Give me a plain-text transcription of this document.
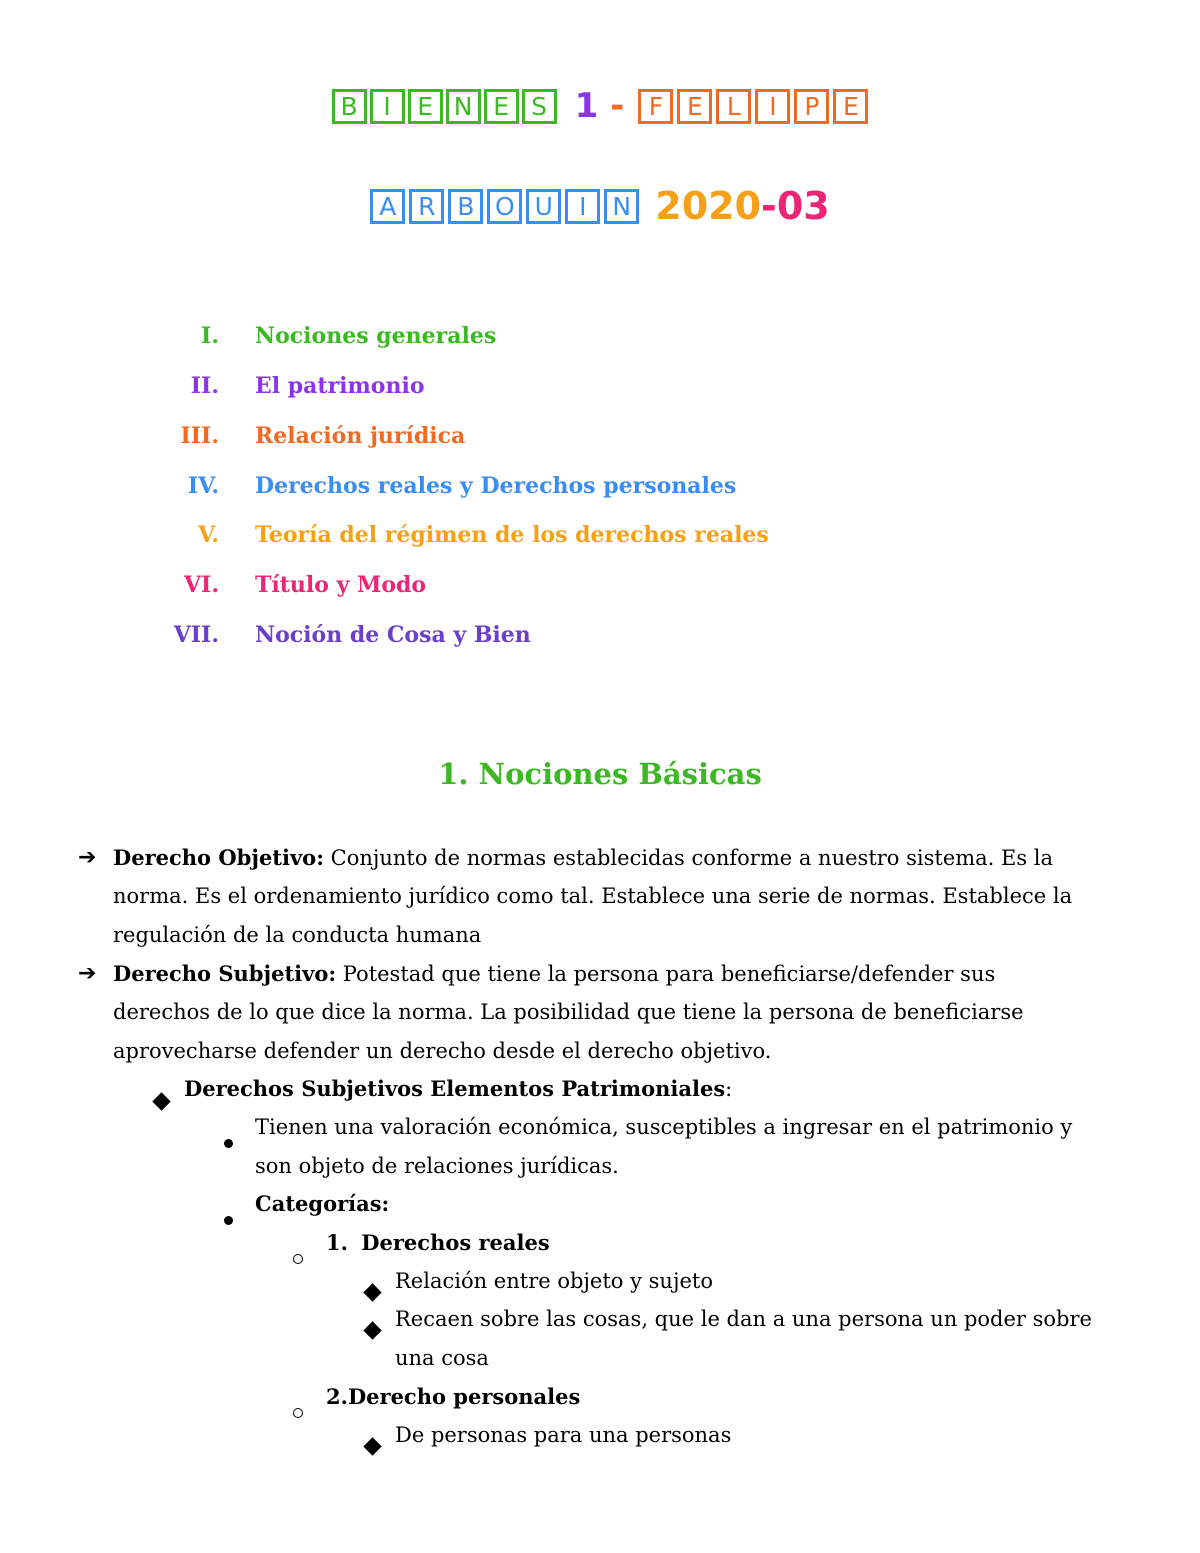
B	I	E N E S 1 - F E L	I	P E
A R B O U	I	N 2020-03
I. Nociones generales
II. El patrimonio
III. Relación jurídica
IV. Derechos reales y Derechos personales
V. Teoría del régimen de los derechos reales
VI. Título y Modo
VII. Noción de Cosa y Bien
1. Nociones Básicas
➔ Derecho Objetivo: Conjunto de normas establecidas conforme a nuestro sistema. Es la
norma. Es el ordenamiento jurídico como tal. Establece una serie de normas. Establece la
regulación de la conducta humana
➔ Derecho Subjetivo: Potestad que tiene la persona para beneficiarse/defender sus
derechos de lo que dice la norma. La posibilidad que tiene la persona de beneficiarse
aprovecharse defender un derecho desde el derecho objetivo.
Derechos Subjetivos Elementos Patrimoniales:
Tienen una valoración económica, susceptibles a ingresar en el patrimonio y
son objeto de relaciones jurídicas.
Categorías:
1. Derechos reales
Relación entre objeto y sujeto
Recaen sobre las cosas, que le dan a una persona un poder sobre
una cosa
2.Derecho personales
De personas para una personas
